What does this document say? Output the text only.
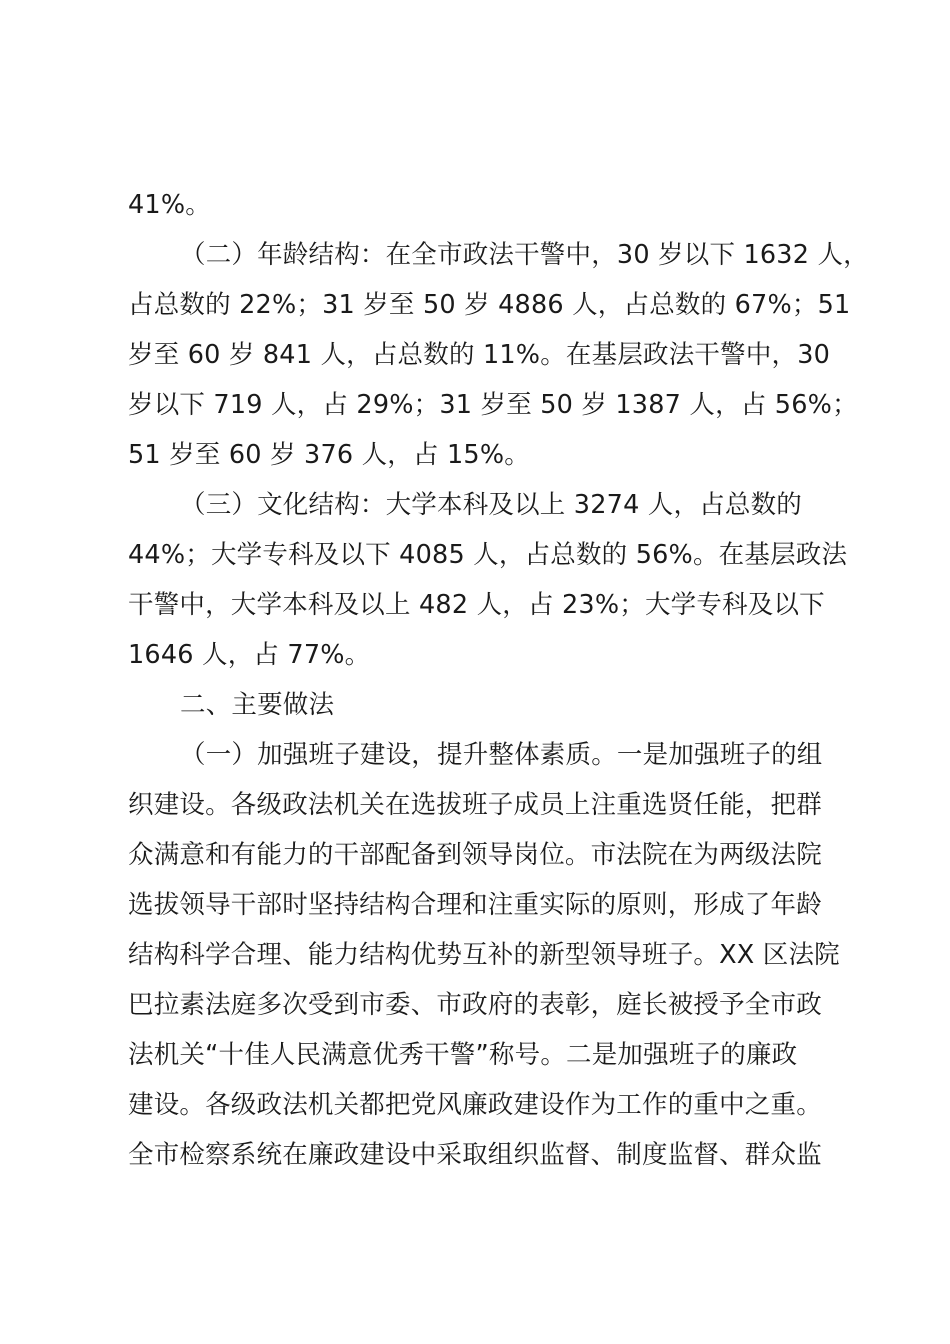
41%。
（二）年龄结构：在全市政法干警中，30 岁以下 1632 人，
占总数的 22%；31 岁至 50 岁 4886 人，占总数的 67%；51
岁至 60 岁 841 人，占总数的 11%。在基层政法干警中，30
岁以下 719 人，占 29%；31 岁至 50 岁 1387 人，占 56%；
51 岁至 60 岁 376 人，占 15%。
（三）文化结构：大学本科及以上 3274 人，占总数的
44%；大学专科及以下 4085 人，占总数的 56%。在基层政法
干警中，大学本科及以上 482 人，占 23%；大学专科及以下
1646 人，占 77%。
二、主要做法
（一）加强班子建设，提升整体素质。一是加强班子的组
织建设。各级政法机关在选拔班子成员上注重选贤任能，把群
众满意和有能力的干部配备到领导岗位。市法院在为两级法院
选拔领导干部时坚持结构合理和注重实际的原则，形成了年龄
结构科学合理、能力结构优势互补的新型领导班子。XX 区法院
巴拉素法庭多次受到市委、市政府的表彰，庭长被授予全市政
法机关“十佳人民满意优秀干警”称号。二是加强班子的廉政
建设。各级政法机关都把党风廉政建设作为工作的重中之重。
全市检察系统在廉政建设中采取组织监督、制度监督、群众监
